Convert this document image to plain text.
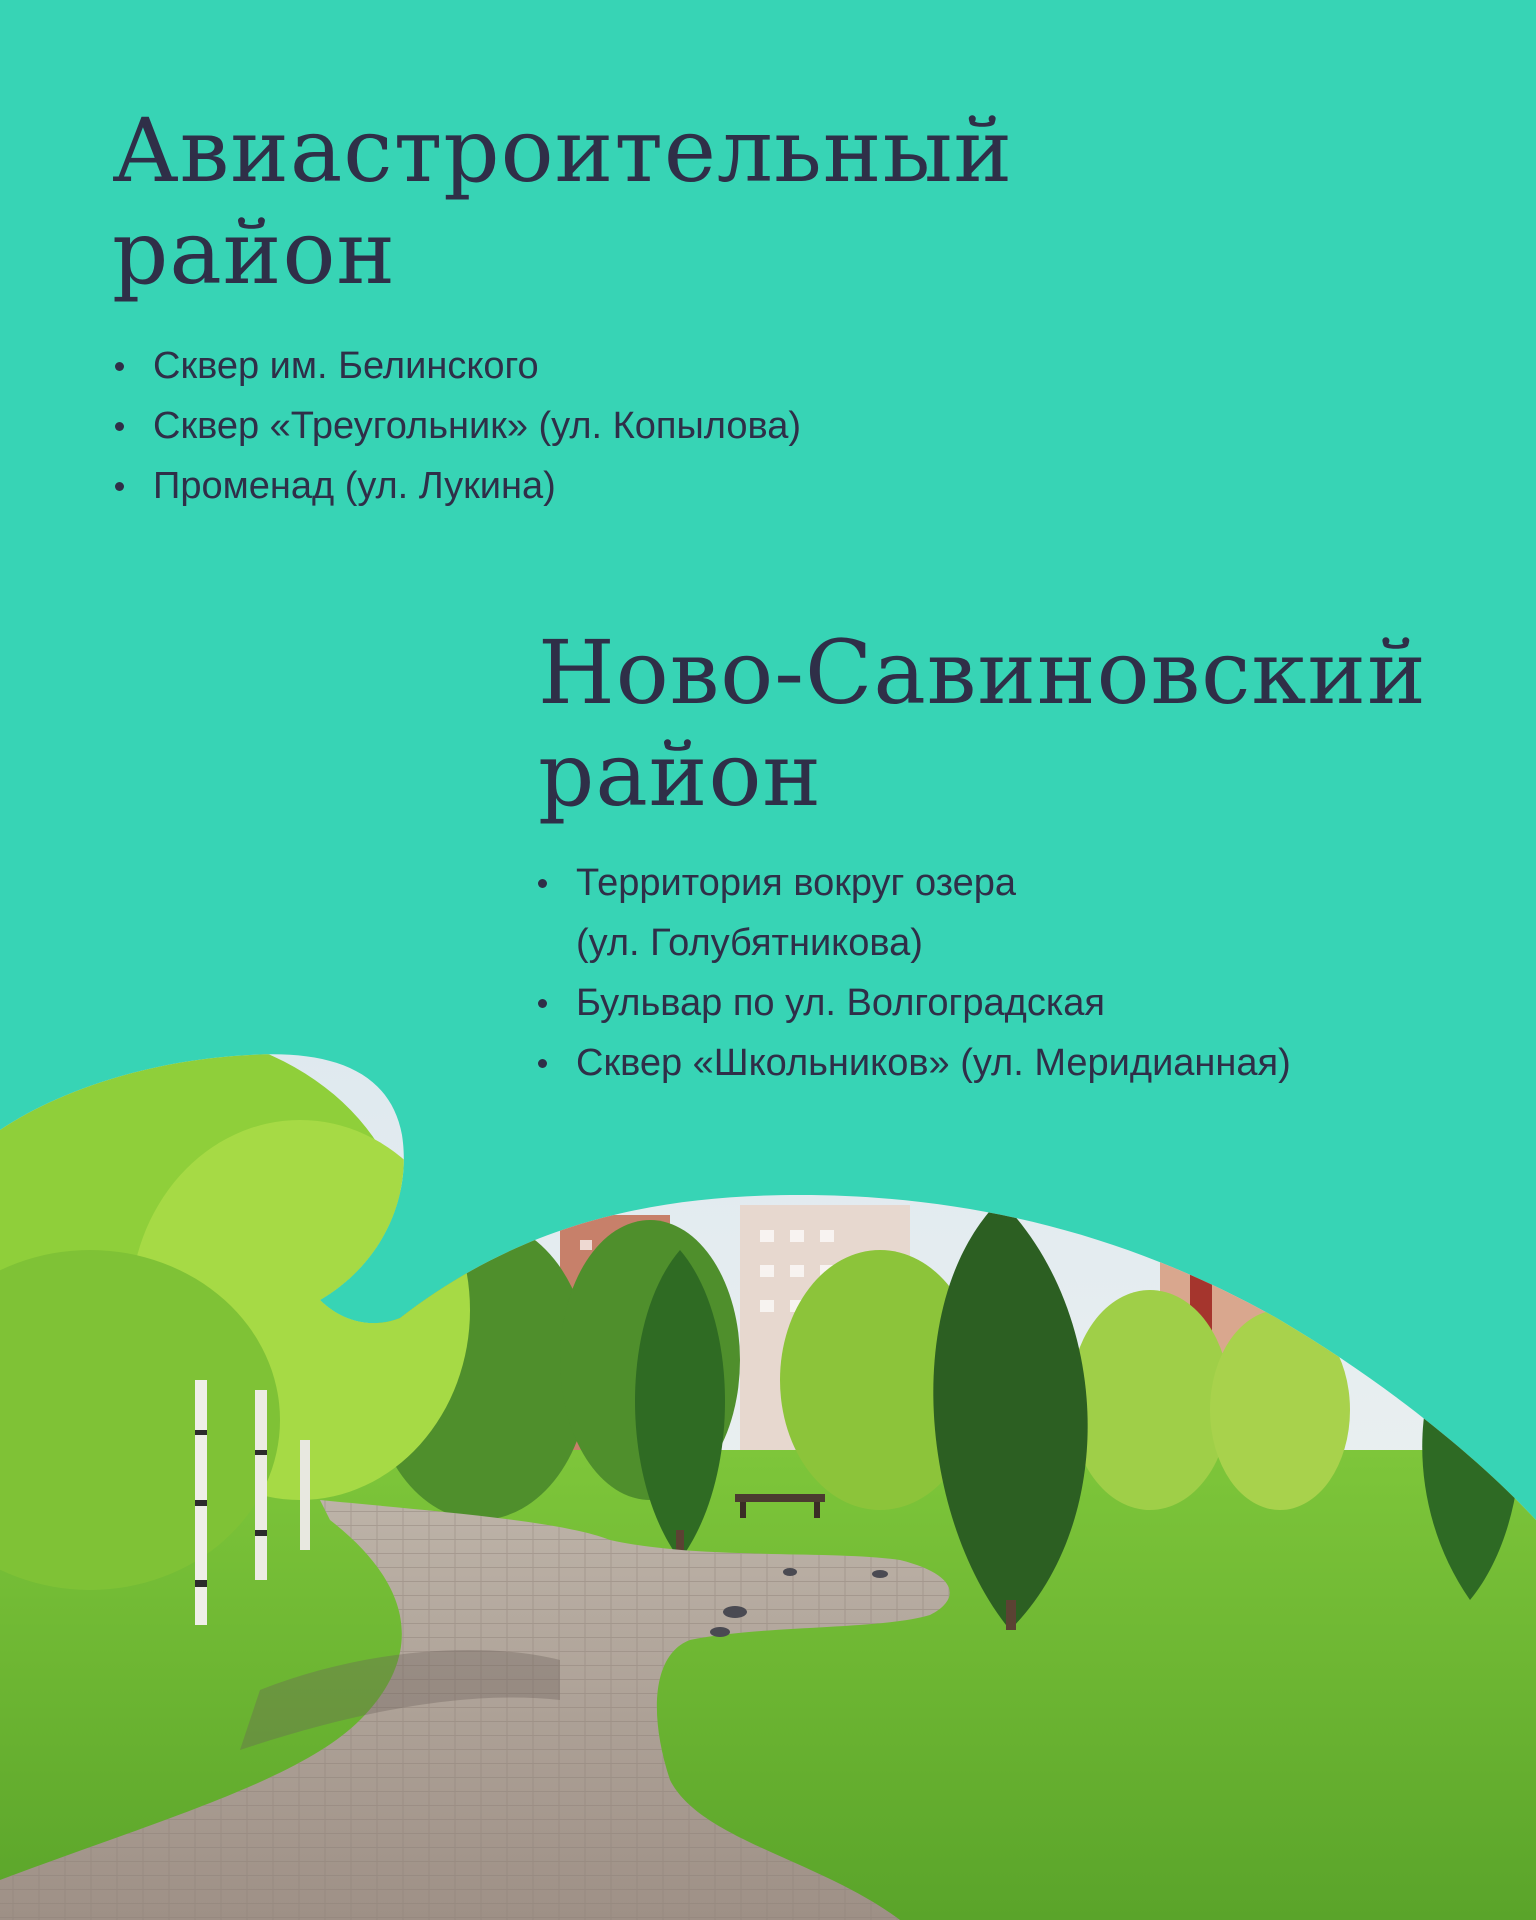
Авиастроительный
район
Сквер им. Белинского
Сквер «Треугольник» (ул. Копылова)
Променад (ул. Лукина)
Ново-Савиновский
район
Территория вокруг озера
(ул. Голубятникова)
Бульвар по ул. Волгоградская
Сквер «Школьников» (ул. Меридианная)
